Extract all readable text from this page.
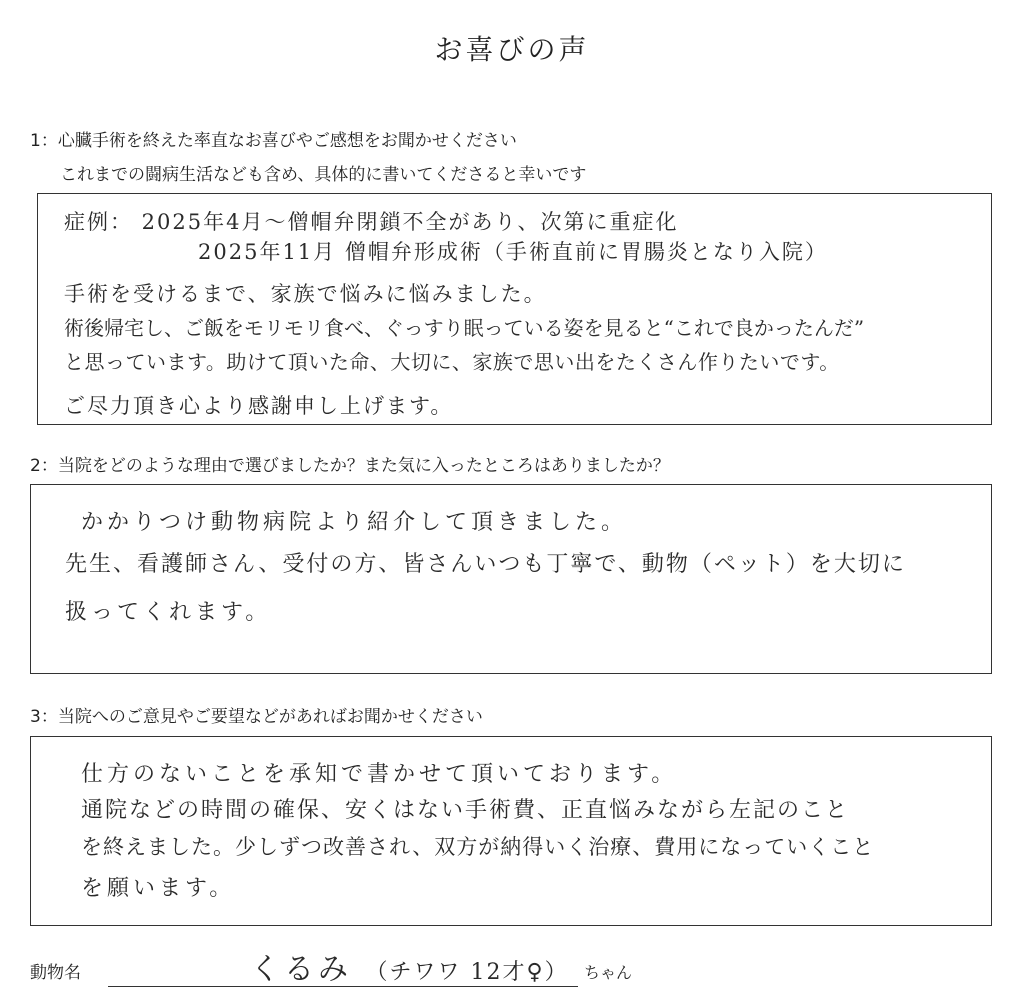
お喜びの声
1：心臓手術を終えた率直なお喜びやご感想をお聞かせください
これまでの闘病生活なども含め、具体的に書いてくださると幸いです
症例： 2025年4月～僧帽弁閉鎖不全があり、次第に重症化
2025年11月 僧帽弁形成術（手術直前に胃腸炎となり入院）
手術を受けるまで、家族で悩みに悩みました。
術後帰宅し、ご飯をモリモリ食べ、ぐっすり眠っている姿を見ると“これで良かったんだ”
と思っています。助けて頂いた命、大切に、家族で思い出をたくさん作りたいです。
ご尽力頂き心より感謝申し上げます。
2：当院をどのような理由で選びましたか？また気に入ったところはありましたか？
かかりつけ動物病院より紹介して頂きました。
先生、看護師さん、受付の方、皆さんいつも丁寧で、動物（ペット）を大切に
扱ってくれます。
3：当院へのご意見やご要望などがあればお聞かせください
仕方のないことを承知で書かせて頂いております。
通院などの時間の確保、安くはない手術費、正直悩みながら左記のこと
を終えました。少しずつ改善され、双方が納得いく治療、費用になっていくこと
を願います。
動物名	くるみ （チワワ 12才♀） ちゃん
